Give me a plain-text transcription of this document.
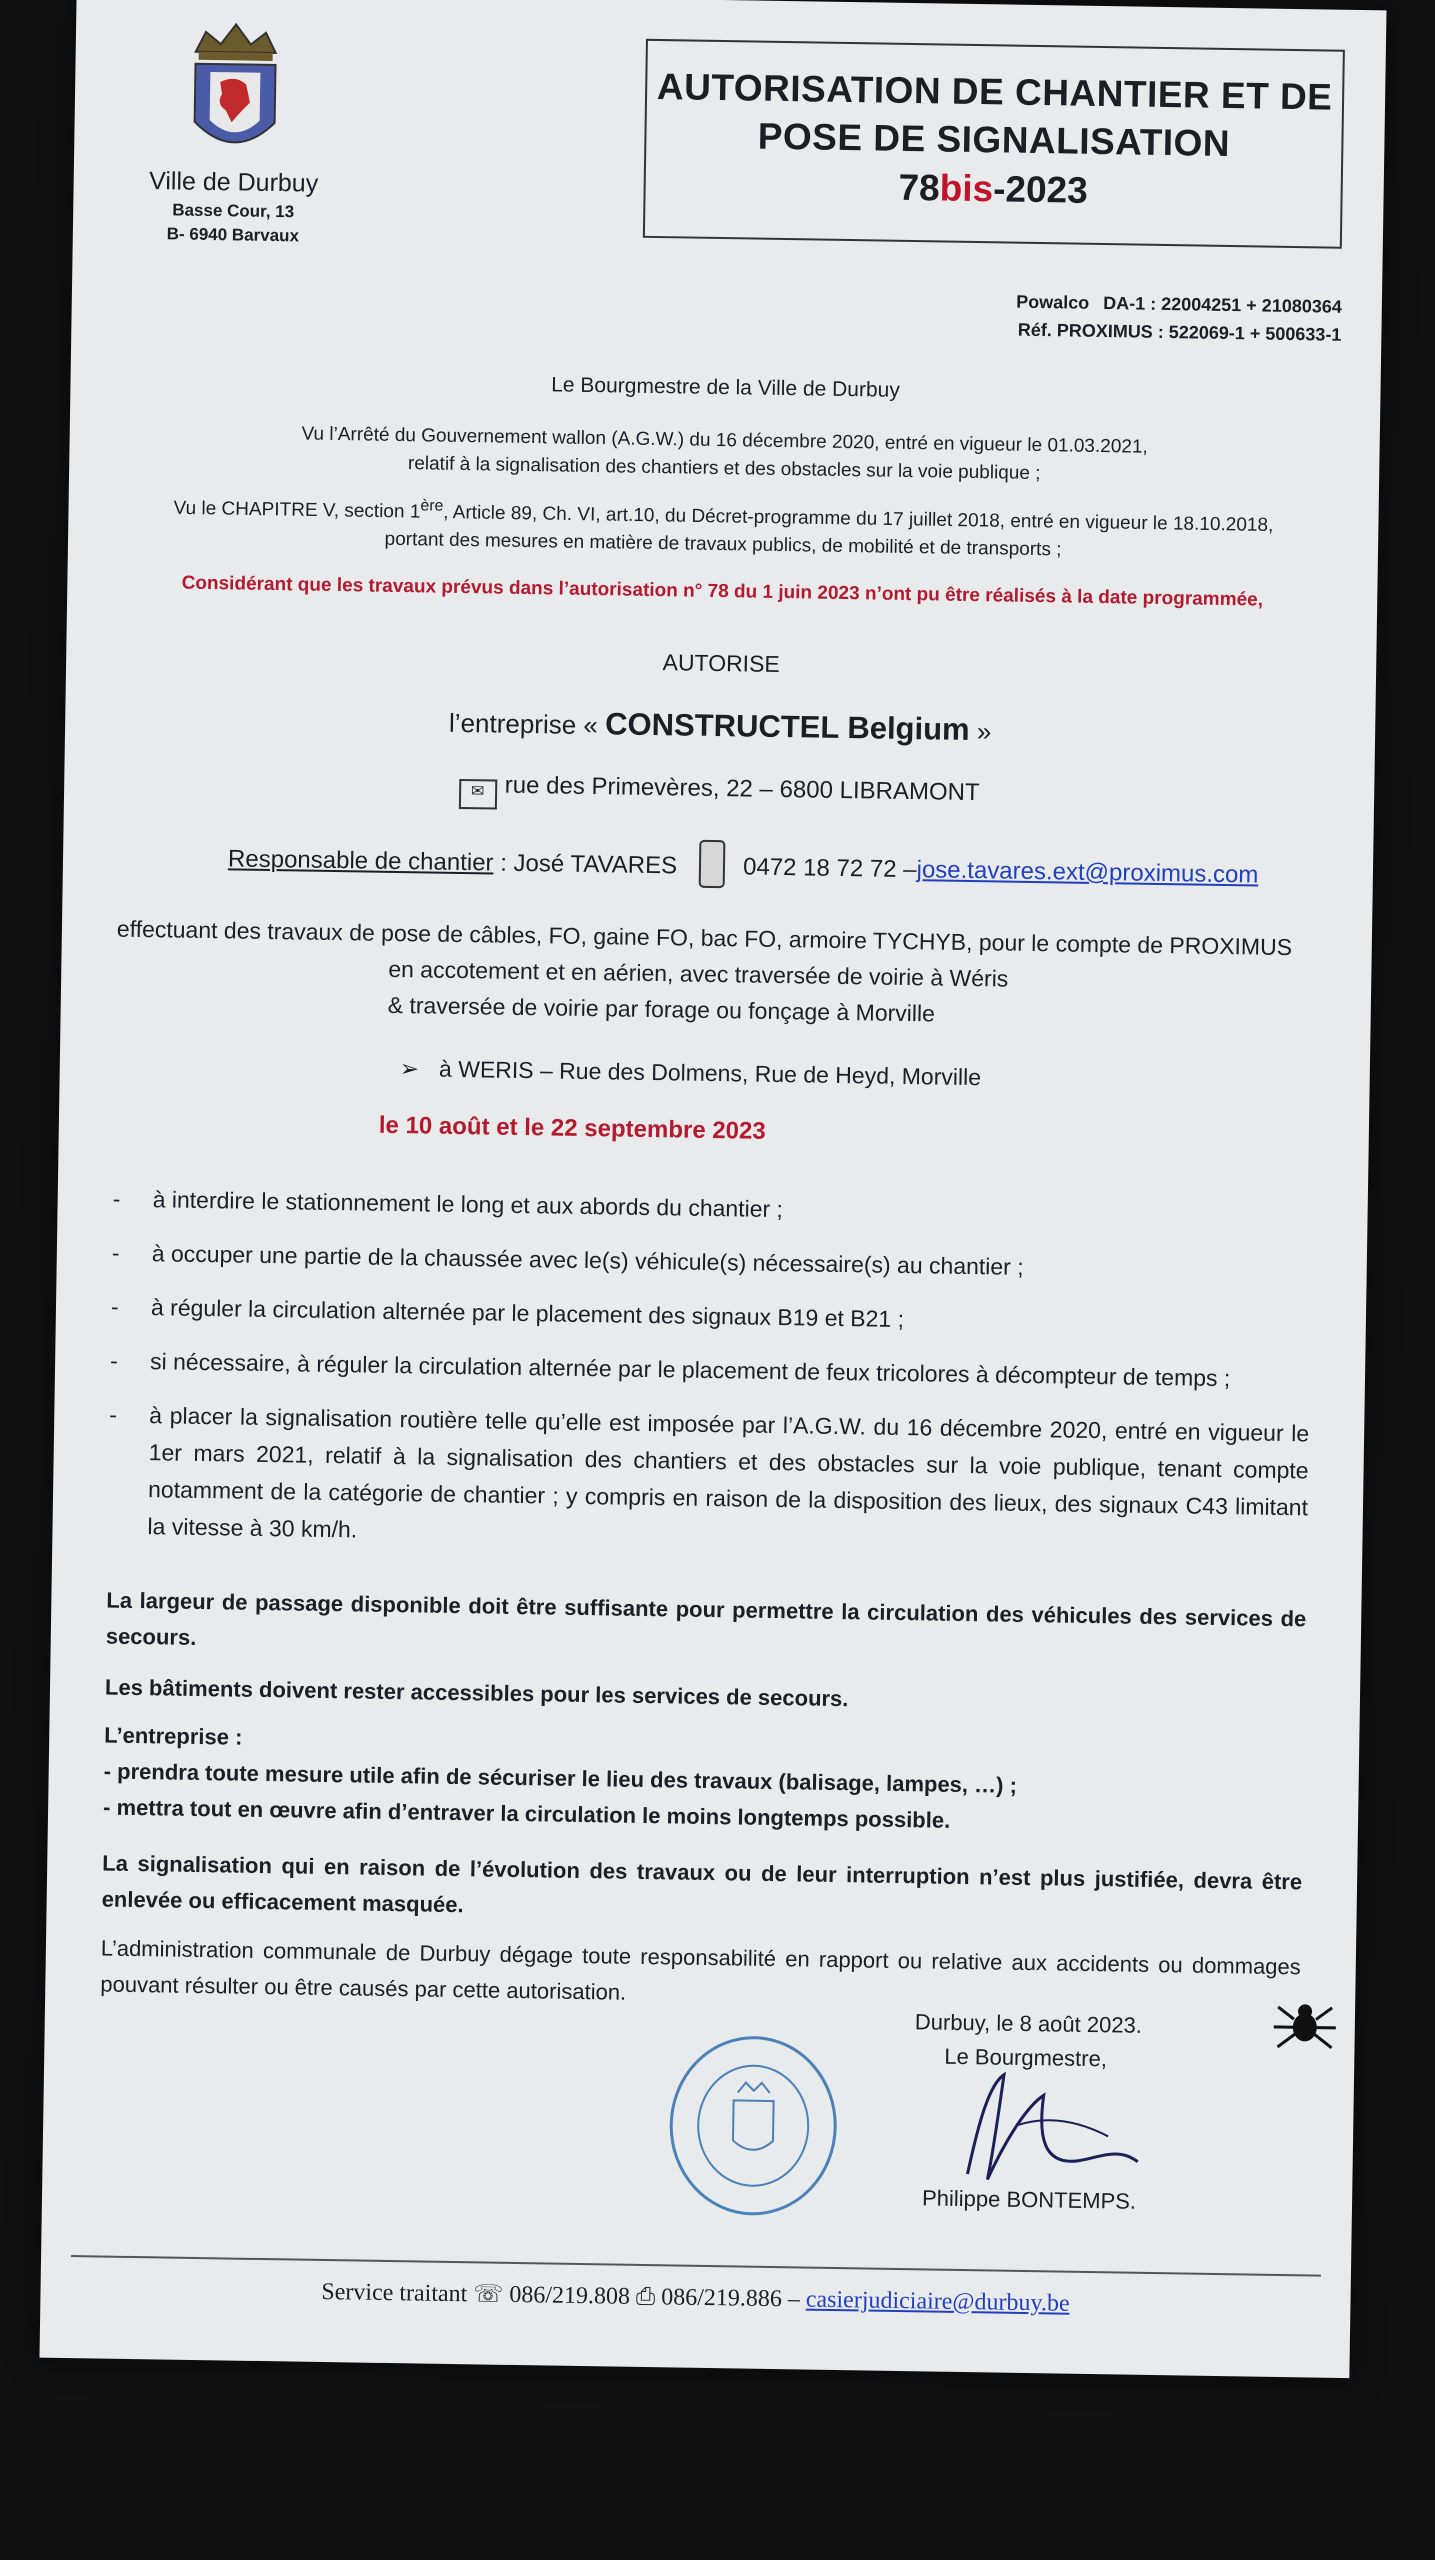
Ville de Durbuy
Basse Cour, 13
B- 6940 Barvaux
AUTORISATION DE CHANTIER ET DE
POSE DE SIGNALISATION
78bis-2023
Powalco DA-1 : 22004251 + 21080364
Réf. PROXIMUS : 522069-1 + 500633-1
Le Bourgmestre de la Ville de Durbuy
Vu l’Arrêté du Gouvernement wallon (A.G.W.) du 16 décembre 2020, entré en vigueur le 01.03.2021,
relatif à la signalisation des chantiers et des obstacles sur la voie publique ;
Vu le CHAPITRE V, section 1ère, Article 89, Ch. VI, art.10, du Décret-programme du 17 juillet 2018, entré en vigueur le 18.10.2018,
portant des mesures en matière de travaux publics, de mobilité et de transports ;
Considérant que les travaux prévus dans l’autorisation n° 78 du 1 juin 2023 n’ont pu être réalisés à la date programmée,
AUTORISE
l’entreprise « CONSTRUCTEL Belgium »
✉ rue des Primevères, 22 – 6800 LIBRAMONT
Responsable de chantier : José TAVARES	0472 18 72 72 –jose.tavares.ext@proximus.com
effectuant des travaux de pose de câbles, FO, gaine FO, bac FO, armoire TYCHYB, pour le compte de PROXIMUS
en accotement et en aérien, avec traversée de voirie à Wéris
& traversée de voirie par forage ou fonçage à Morville
➢ à WERIS – Rue des Dolmens, Rue de Heyd, Morville
le 10 août et le 22 septembre 2023
- à interdire le stationnement le long et aux abords du chantier ;
- à occuper une partie de la chaussée avec le(s) véhicule(s) nécessaire(s) au chantier ;
- à réguler la circulation alternée par le placement des signaux B19 et B21 ;
- si nécessaire, à réguler la circulation alternée par le placement de feux tricolores à décompteur de temps ;
- à placer la signalisation routière telle qu’elle est imposée par l’A.G.W. du 16 décembre 2020, entré en vigueur le 1er mars 2021, relatif à la signalisation des chantiers et des obstacles sur la voie publique, tenant compte notamment de la catégorie de chantier ; y compris en raison de la disposition des lieux, des signaux C43 limitant la vitesse à 30 km/h.
La largeur de passage disponible doit être suffisante pour permettre la circulation des véhicules des services de secours.
Les bâtiments doivent rester accessibles pour les services de secours.
L’entreprise :
- prendra toute mesure utile afin de sécuriser le lieu des travaux (balisage, lampes, …) ;
- mettra tout en œuvre afin d’entraver la circulation le moins longtemps possible.
La signalisation qui en raison de l’évolution des travaux ou de leur interruption n’est plus justifiée, devra être enlevée ou efficacement masquée.
L’administration communale de Durbuy dégage toute responsabilité en rapport ou relative aux accidents ou dommages pouvant résulter ou être causés par cette autorisation.
Durbuy, le 8 août 2023.
Le Bourgmestre,
Philippe BONTEMPS.
Service traitant ☏ 086/219.808 ⎙ 086/219.886 – casierjudiciaire@durbuy.be
